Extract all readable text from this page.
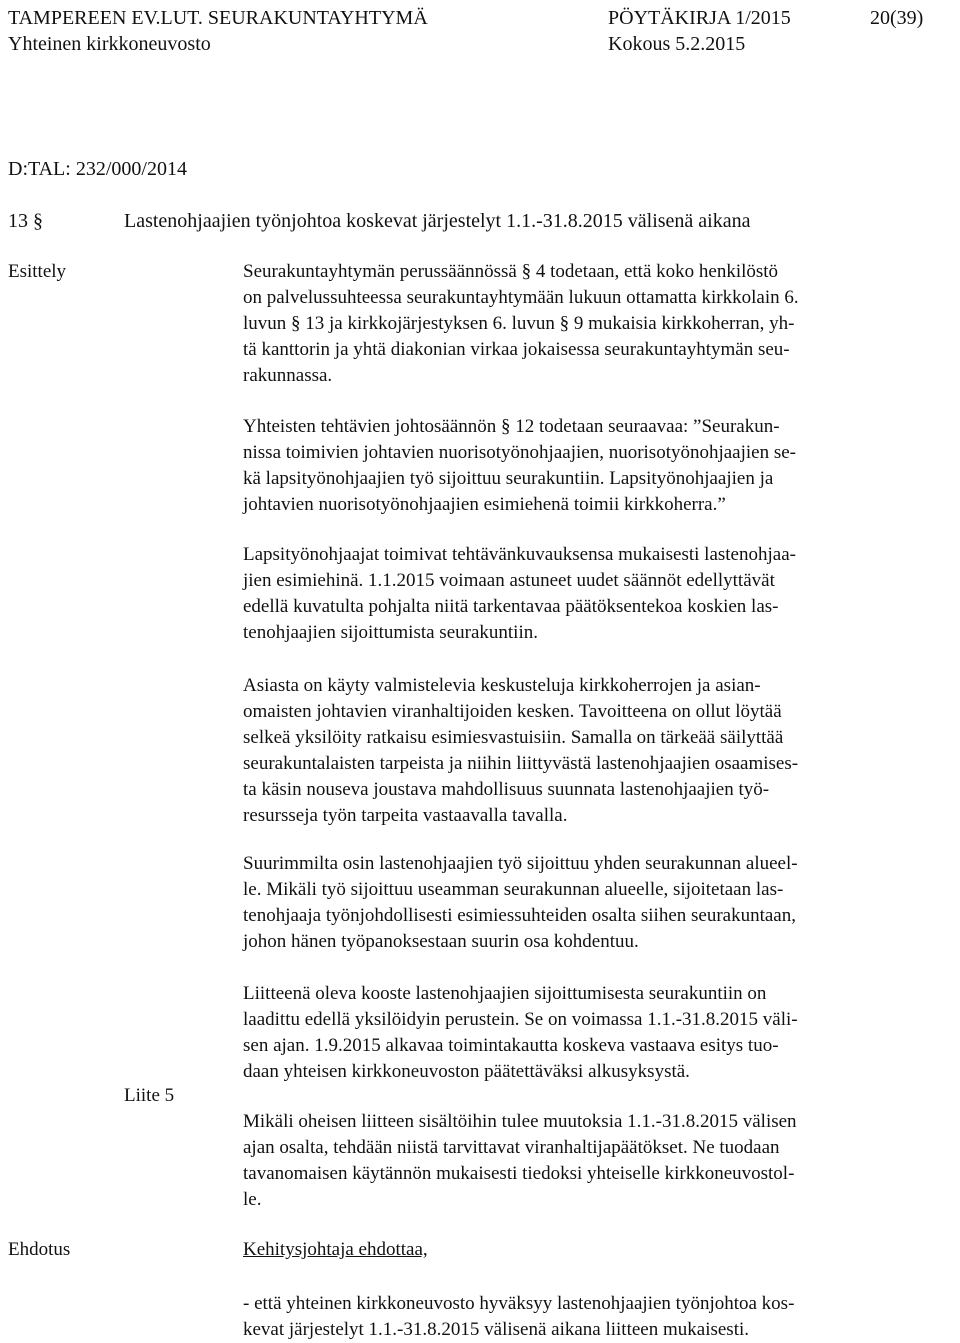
TAMPEREEN EV.LUT. SEURAKUNTAYHTYMÄ	PÖYTÄKIRJA 1/2015	20(39)
Yhteinen kirkkoneuvosto	Kokous 5.2.2015
D:TAL: 232/000/2014
13 §	Lastenohjaajien työnjohtoa koskevat järjestelyt 1.1.-31.8.2015 välisenä aikana
Esittely
Liite 5
Ehdotus
Seurakuntayhtymän perussäännössä § 4 todetaan, että koko henkilöstö
on palvelussuhteessa seurakuntayhtymään lukuun ottamatta kirkkolain 6.
luvun § 13 ja kirkkojärjestyksen 6. luvun § 9 mukaisia kirkkoherran, yh-
tä kanttorin ja yhtä diakonian virkaa jokaisessa seurakuntayhtymän seu-
rakunnassa.
Yhteisten tehtävien johtosäännön § 12 todetaan seuraavaa: ”Seurakun-
nissa toimivien johtavien nuorisotyönohjaajien, nuorisotyönohjaajien se-
kä lapsityönohjaajien työ sijoittuu seurakuntiin. Lapsityönohjaajien ja
johtavien nuorisotyönohjaajien esimiehenä toimii kirkkoherra.”
Lapsityönohjaajat toimivat tehtävänkuvauksensa mukaisesti lastenohjaa-
jien esimiehinä. 1.1.2015 voimaan astuneet uudet säännöt edellyttävät
edellä kuvatulta pohjalta niitä tarkentavaa päätöksentekoa koskien las-
tenohjaajien sijoittumista seurakuntiin.
Asiasta on käyty valmistelevia keskusteluja kirkkoherrojen ja asian-
omaisten johtavien viranhaltijoiden kesken. Tavoitteena on ollut löytää
selkeä yksilöity ratkaisu esimiesvastuisiin. Samalla on tärkeää säilyttää
seurakuntalaisten tarpeista ja niihin liittyvästä lastenohjaajien osaamises-
ta käsin nouseva joustava mahdollisuus suunnata lastenohjaajien työ-
resursseja työn tarpeita vastaavalla tavalla.
Suurimmilta osin lastenohjaajien työ sijoittuu yhden seurakunnan alueel-
le. Mikäli työ sijoittuu useamman seurakunnan alueelle, sijoitetaan las-
tenohjaaja työnjohdollisesti esimiessuhteiden osalta siihen seurakuntaan,
johon hänen työpanoksestaan suurin osa kohdentuu.
Liitteenä oleva kooste lastenohjaajien sijoittumisesta seurakuntiin on
laadittu edellä yksilöidyin perustein. Se on voimassa 1.1.-31.8.2015 väli-
sen ajan. 1.9.2015 alkavaa toimintakautta koskeva vastaava esitys tuo-
daan yhteisen kirkkoneuvoston päätettäväksi alkusyksystä.
Mikäli oheisen liitteen sisältöihin tulee muutoksia 1.1.-31.8.2015 välisen
ajan osalta, tehdään niistä tarvittavat viranhaltijapäätökset. Ne tuodaan
tavanomaisen käytännön mukaisesti tiedoksi yhteiselle kirkkoneuvostol-
le.
Kehitysjohtaja ehdottaa,
- että yhteinen kirkkoneuvosto hyväksyy lastenohjaajien työnjohtoa kos-
kevat järjestelyt 1.1.-31.8.2015 välisenä aikana liitteen mukaisesti.
